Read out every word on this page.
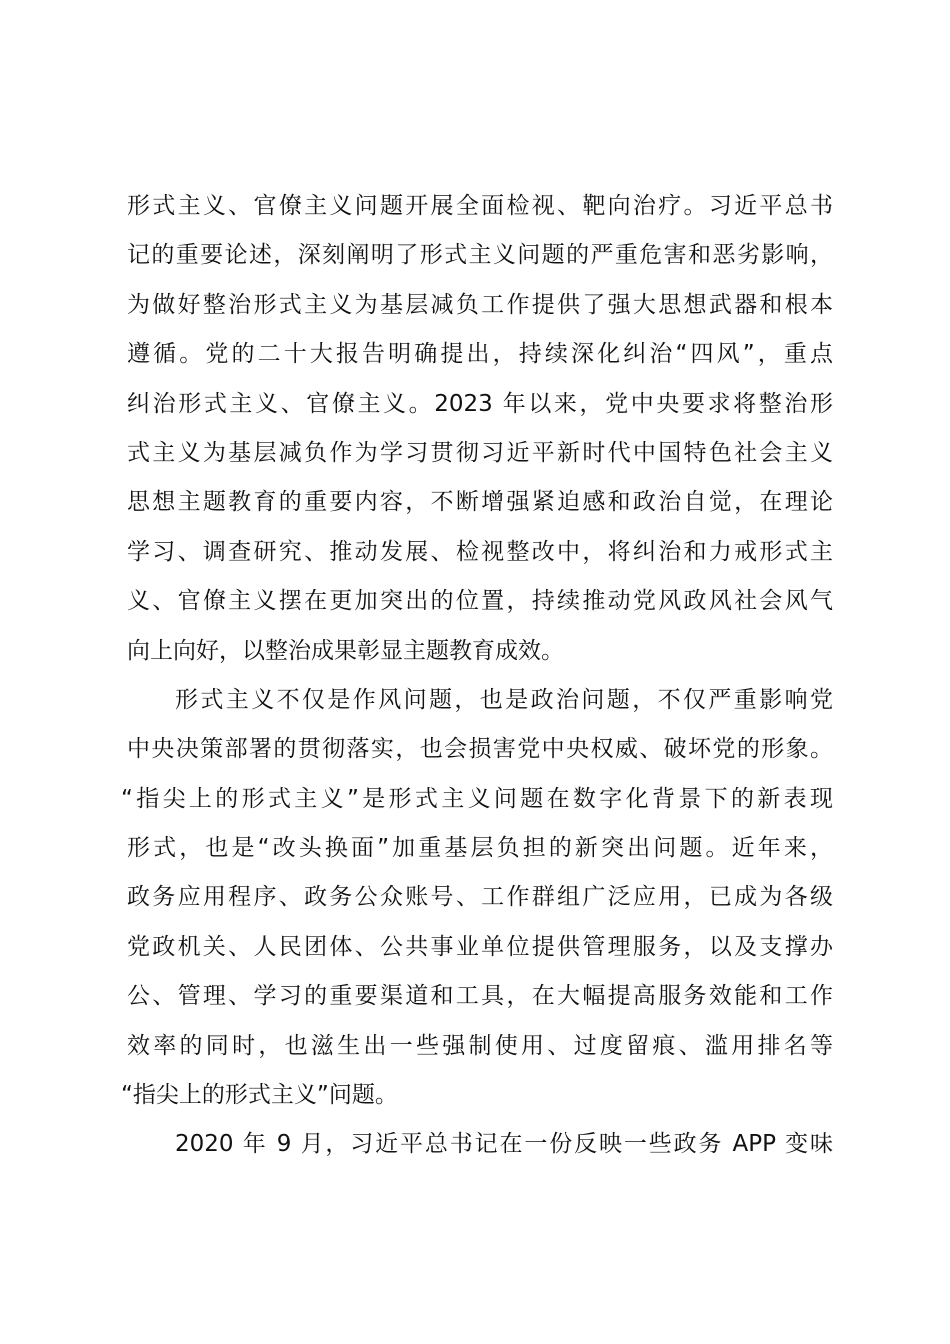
形式主义、官僚主义问题开展全面检视、靶向治疗。习近平总书
记的重要论述，深刻阐明了形式主义问题的严重危害和恶劣影响，
为做好整治形式主义为基层减负工作提供了强大思想武器和根本
遵循。党的二十大报告明确提出，持续深化纠治“四风”，重点
纠治形式主义、官僚主义。2023 年以来，党中央要求将整治形
式主义为基层减负作为学习贯彻习近平新时代中国特色社会主义
思想主题教育的重要内容，不断增强紧迫感和政治自觉，在理论
学习、调查研究、推动发展、检视整改中，将纠治和力戒形式主
义、官僚主义摆在更加突出的位置，持续推动党风政风社会风气
向上向好，以整治成果彰显主题教育成效。
形式主义不仅是作风问题，也是政治问题，不仅严重影响党
中央决策部署的贯彻落实，也会损害党中央权威、破坏党的形象。
“指尖上的形式主义”是形式主义问题在数字化背景下的新表现
形式，也是“改头换面”加重基层负担的新突出问题。近年来，
政务应用程序、政务公众账号、工作群组广泛应用，已成为各级
党政机关、人民团体、公共事业单位提供管理服务，以及支撑办
公、管理、学习的重要渠道和工具，在大幅提高服务效能和工作
效率的同时，也滋生出一些强制使用、过度留痕、滥用排名等
“指尖上的形式主义”问题。
2020 年 9 月，习近平总书记在一份反映一些政务 APP 变味
